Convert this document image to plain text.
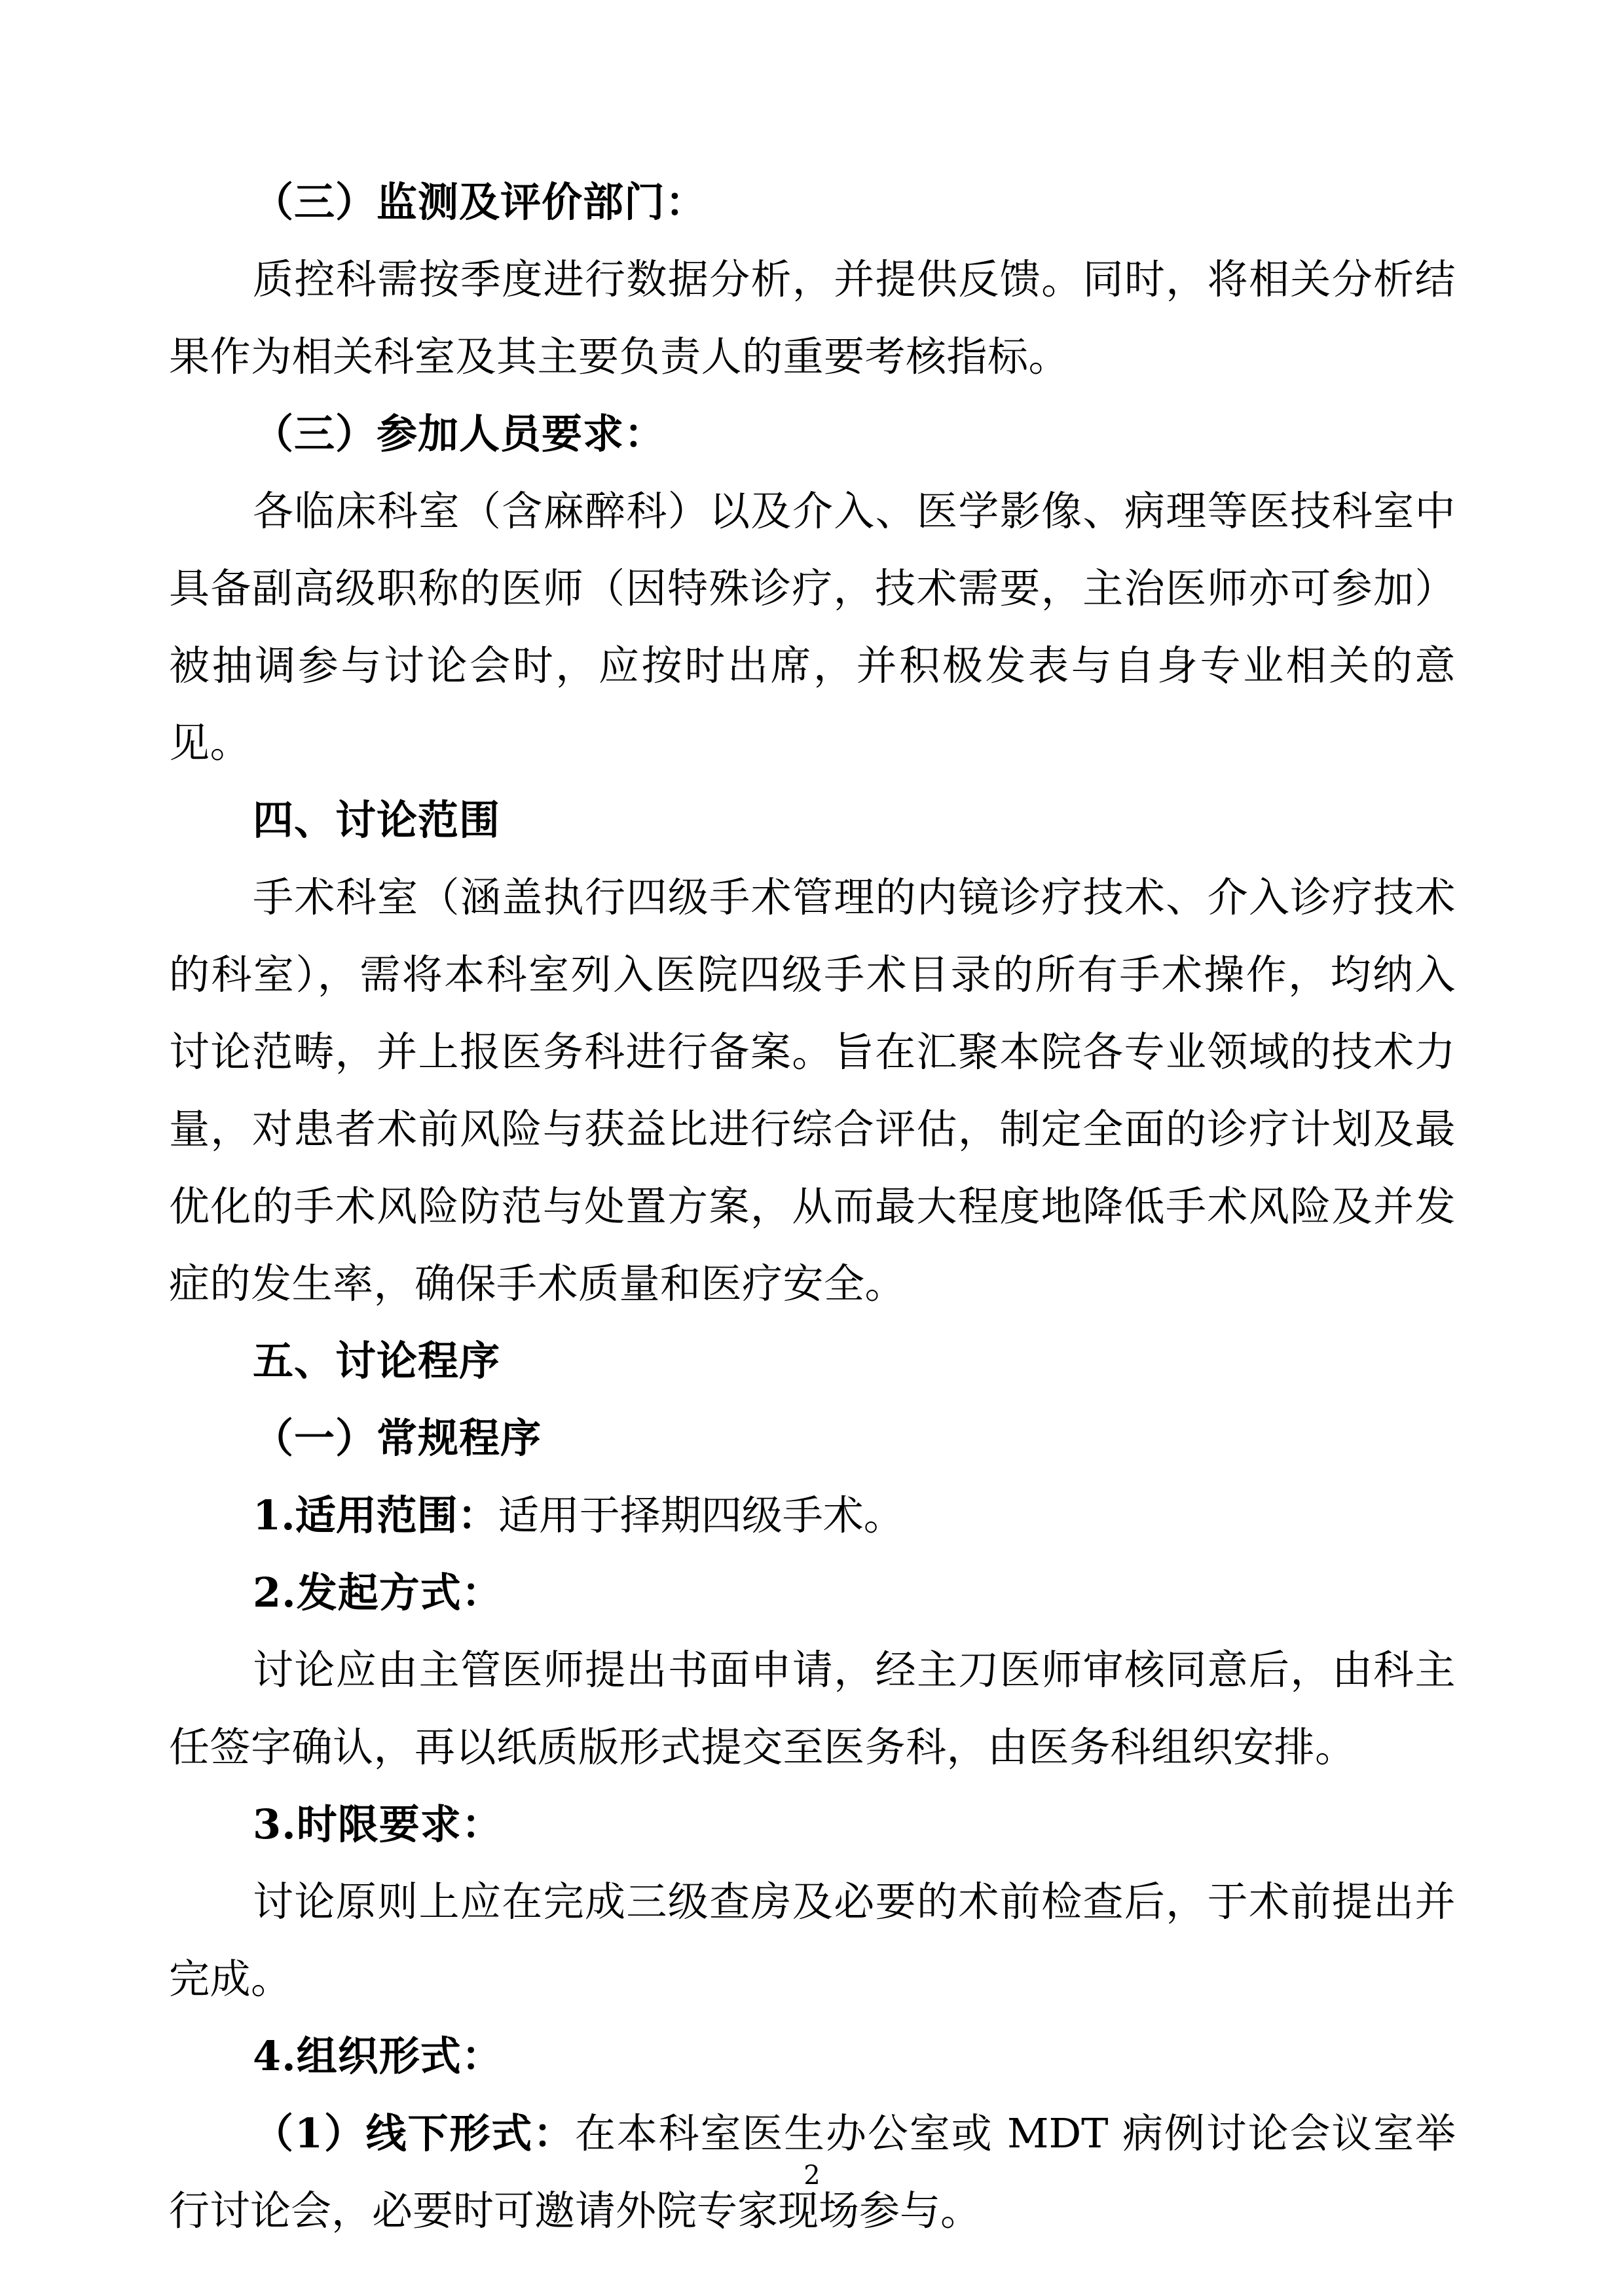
（三）监测及评价部门：

质控科需按季度进行数据分析，并提供反馈。同时，将相关分析结果作为相关科室及其主要负责人的重要考核指标。

（三）参加人员要求：

各临床科室（含麻醉科）以及介入、医学影像、病理等医技科室中具备副高级职称的医师（因特殊诊疗，技术需要，主治医师亦可参加）被抽调参与讨论会时，应按时出席，并积极发表与自身专业相关的意见。

四、讨论范围

手术科室（涵盖执行四级手术管理的内镜诊疗技术、介入诊疗技术的科室），需将本科室列入医院四级手术目录的所有手术操作，均纳入讨论范畴，并上报医务科进行备案。旨在汇聚本院各专业领域的技术力量，对患者术前风险与获益比进行综合评估，制定全面的诊疗计划及最优化的手术风险防范与处置方案，从而最大程度地降低手术风险及并发症的发生率，确保手术质量和医疗安全。

五、讨论程序

（一）常规程序

1.适用范围：适用于择期四级手术。

2.发起方式：

讨论应由主管医师提出书面申请，经主刀医师审核同意后，由科主任签字确认，再以纸质版形式提交至医务科，由医务科组织安排。

3.时限要求：

讨论原则上应在完成三级查房及必要的术前检查后，于术前提出并完成。

4.组织形式：

（1）线下形式：在本科室医生办公室或 MDT 病例讨论会议室举行讨论会，必要时可邀请外院专家现场参与。

2
